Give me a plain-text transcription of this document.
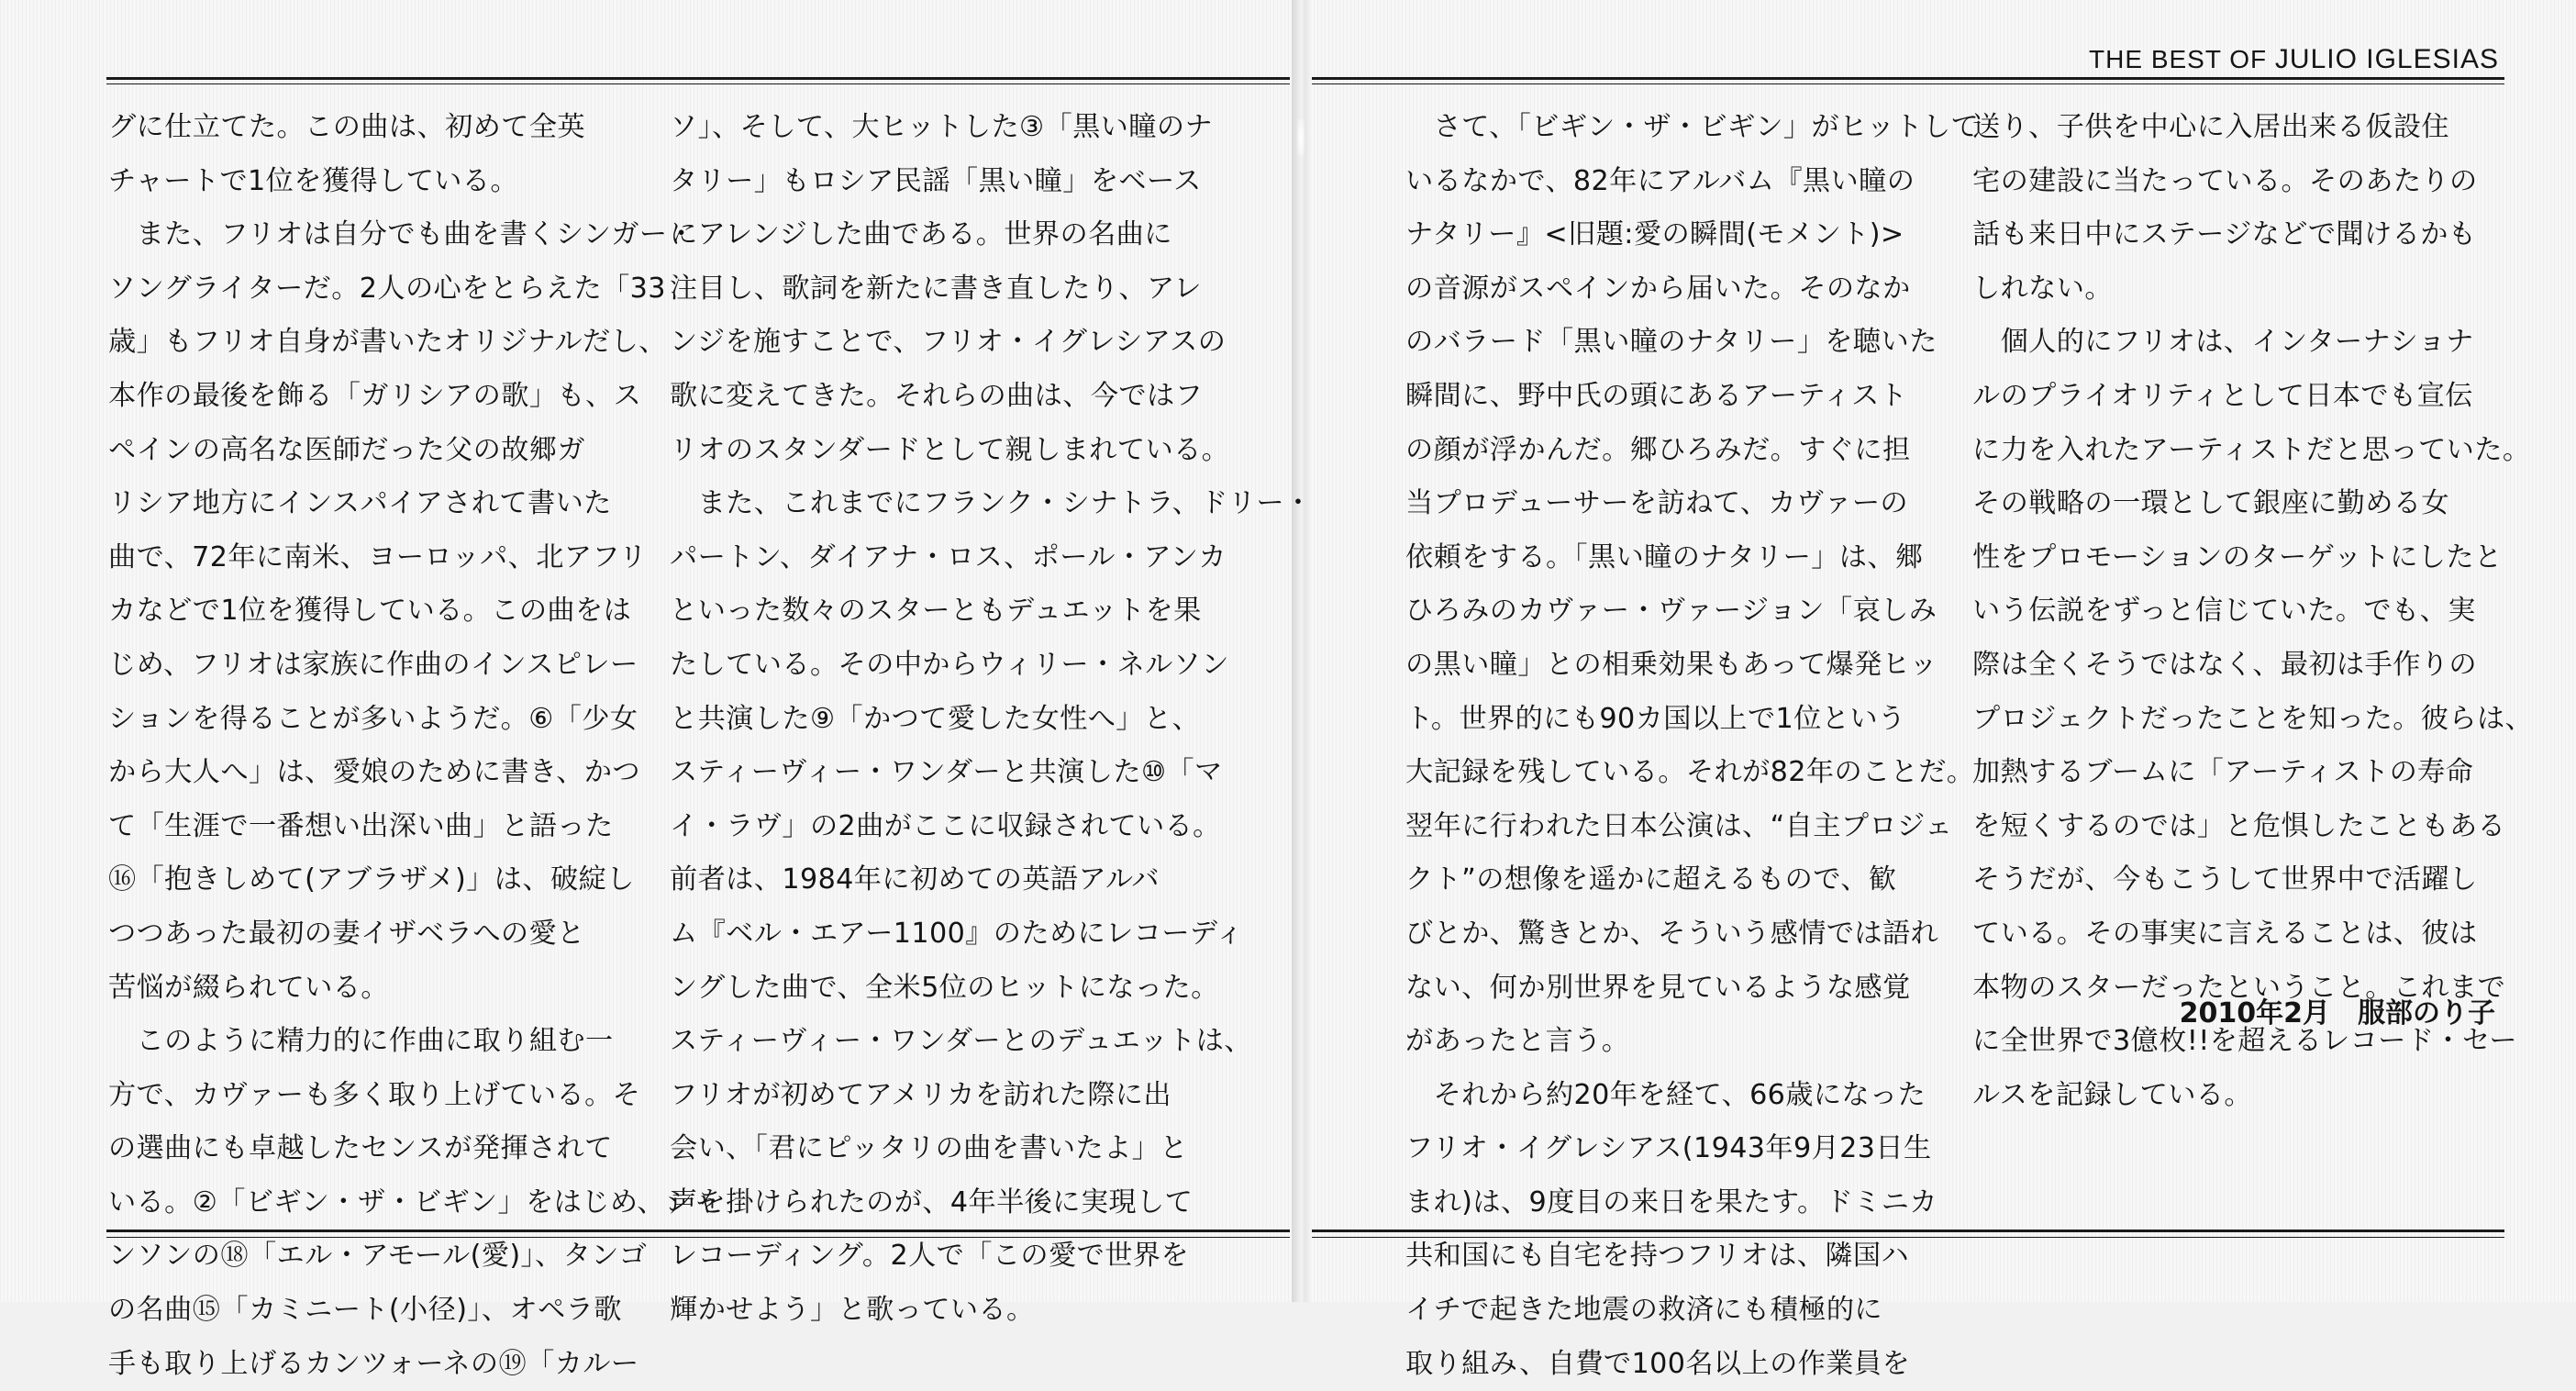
THE BEST OF JULIO IGLESIAS
グに仕立てた。この曲は、初めて全英
チャートで1位を獲得している。
　また、フリオは自分でも曲を書くシンガー・
ソングライターだ。2人の心をとらえた「33
歳」もフリオ自身が書いたオリジナルだし、
本作の最後を飾る「ガリシアの歌」も、ス
ペインの高名な医師だった父の故郷ガ
リシア地方にインスパイアされて書いた
曲で、72年に南米、ヨーロッパ、北アフリ
カなどで1位を獲得している。この曲をは
じめ、フリオは家族に作曲のインスピレー
ションを得ることが多いようだ。⑥「少女
から大人へ」は、愛娘のために書き、かつ
て「生涯で一番想い出深い曲」と語った
⑯「抱きしめて(アブラザメ)」は、破綻し
つつあった最初の妻イザベラへの愛と
苦悩が綴られている。
　このように精力的に作曲に取り組む一
方で、カヴァーも多く取り上げている。そ
の選曲にも卓越したセンスが発揮されて
いる。②「ビギン・ザ・ビギン」をはじめ、シャ
ンソンの⑱「エル・アモール(愛)」、タンゴ
の名曲⑮「カミニート(小径)」、オペラ歌
手も取り上げるカンツォーネの⑲「カルー
ソ」、そして、大ヒットした③「黒い瞳のナ
タリー」もロシア民謡「黒い瞳」をベース
にアレンジした曲である。世界の名曲に
注目し、歌詞を新たに書き直したり、アレ
ンジを施すことで、フリオ・イグレシアスの
歌に変えてきた。それらの曲は、今ではフ
リオのスタンダードとして親しまれている。
　また、これまでにフランク・シナトラ、ドリー・
パートン、ダイアナ・ロス、ポール・アンカ
といった数々のスターともデュエットを果
たしている。その中からウィリー・ネルソン
と共演した⑨「かつて愛した女性へ」と、
スティーヴィー・ワンダーと共演した⑩「マ
イ・ラヴ」の2曲がここに収録されている。
前者は、1984年に初めての英語アルバ
ム『ベル・エアー1100』のためにレコーディ
ングした曲で、全米5位のヒットになった。
スティーヴィー・ワンダーとのデュエットは、
フリオが初めてアメリカを訪れた際に出
会い、「君にピッタリの曲を書いたよ」と
声を掛けられたのが、4年半後に実現して
レコーディング。2人で「この愛で世界を
輝かせよう」と歌っている。
　さて、「ビギン・ザ・ビギン」がヒットして
いるなかで、82年にアルバム『黒い瞳の
ナタリー』<旧題:愛の瞬間(モメント)>
の音源がスペインから届いた。そのなか
のバラード「黒い瞳のナタリー」を聴いた
瞬間に、野中氏の頭にあるアーティスト
の顔が浮かんだ。郷ひろみだ。すぐに担
当プロデューサーを訪ねて、カヴァーの
依頼をする。「黒い瞳のナタリー」は、郷
ひろみのカヴァー・ヴァージョン「哀しみ
の黒い瞳」との相乗効果もあって爆発ヒッ
ト。世界的にも90カ国以上で1位という
大記録を残している。それが82年のことだ。
翌年に行われた日本公演は、“自主プロジェ
クト”の想像を遥かに超えるもので、歓
びとか、驚きとか、そういう感情では語れ
ない、何か別世界を見ているような感覚
があったと言う。
　それから約20年を経て、66歳になった
フリオ・イグレシアス(1943年9月23日生
まれ)は、9度目の来日を果たす。ドミニカ
共和国にも自宅を持つフリオは、隣国ハ
イチで起きた地震の救済にも積極的に
取り組み、自費で100名以上の作業員を
送り、子供を中心に入居出来る仮設住
宅の建設に当たっている。そのあたりの
話も来日中にステージなどで聞けるかも
しれない。
　個人的にフリオは、インターナショナ
ルのプライオリティとして日本でも宣伝
に力を入れたアーティストだと思っていた。
その戦略の一環として銀座に勤める女
性をプロモーションのターゲットにしたと
いう伝説をずっと信じていた。でも、実
際は全くそうではなく、最初は手作りの
プロジェクトだったことを知った。彼らは、
加熱するブームに「アーティストの寿命
を短くするのでは」と危惧したこともある
そうだが、今もこうして世界中で活躍し
ている。その事実に言えることは、彼は
本物のスターだったということ。これまで
に全世界で3億枚!!を超えるレコード・セー
ルスを記録している。
2010年2月　服部のり子
